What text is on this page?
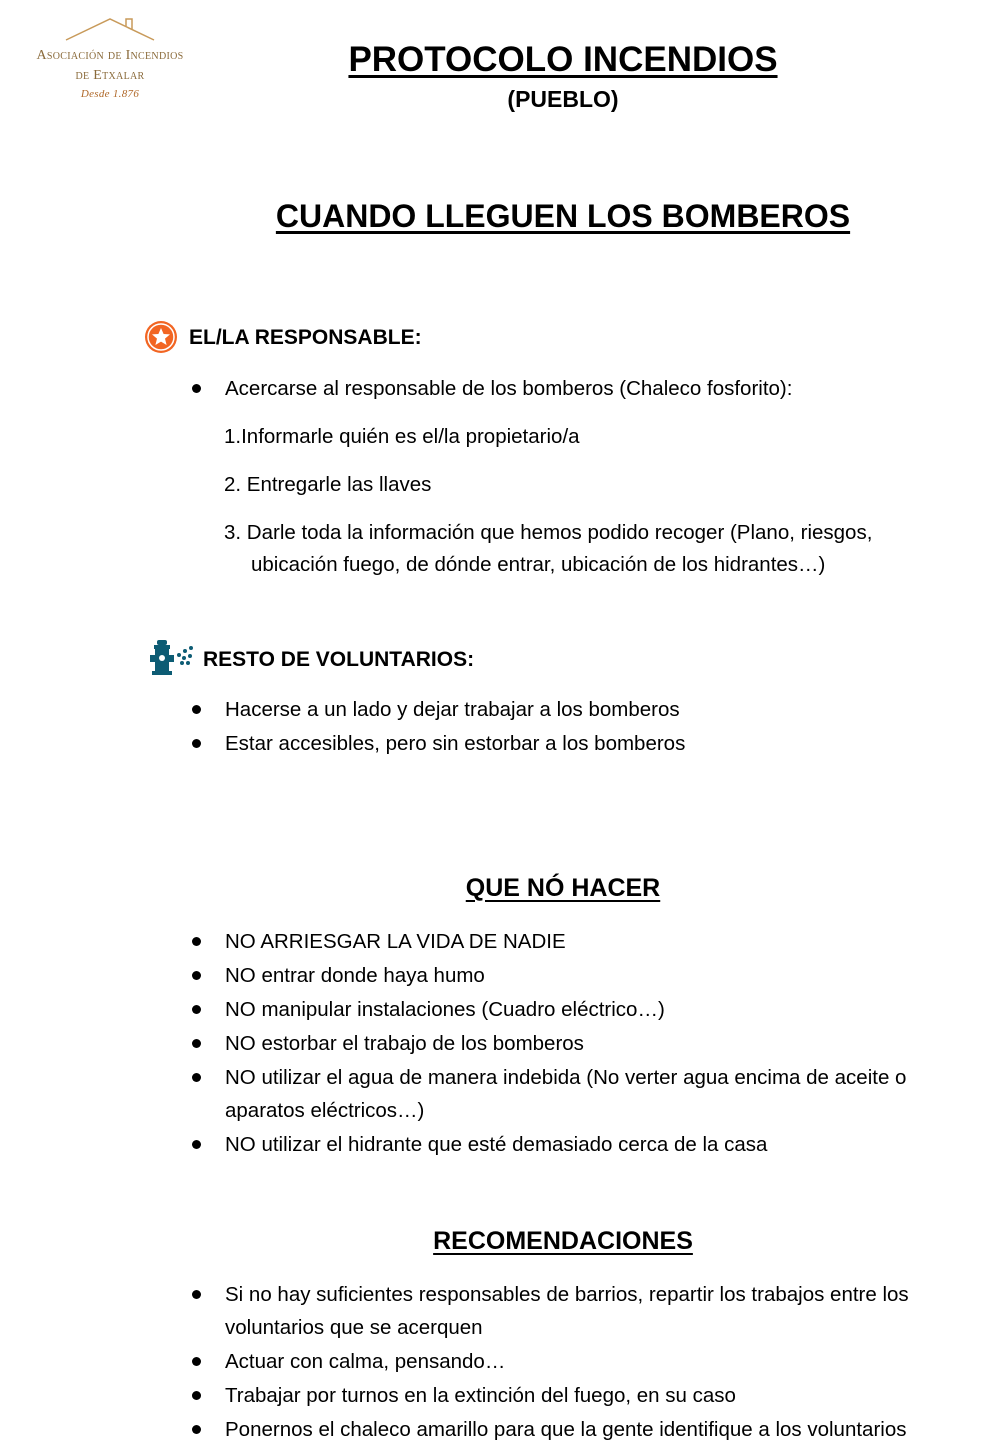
Asociación de Incendios
de Etxalar
Desde 1.876
PROTOCOLO INCENDIOS
(PUEBLO)
CUANDO LLEGUEN LOS BOMBEROS
EL/LA RESPONSABLE:
Acercarse al responsable de los bomberos (Chaleco fosforito):
1.Informarle quién es el/la propietario/a
2. Entregarle las llaves
3. Darle toda la información que hemos podido recoger (Plano, riesgos,
ubicación fuego, de dónde entrar, ubicación de los hidrantes…)
RESTO DE VOLUNTARIOS:
Hacerse a un lado y dejar trabajar a los bomberos
Estar accesibles, pero sin estorbar a los bomberos
QUE NÓ HACER
NO ARRIESGAR LA VIDA DE NADIE
NO entrar donde haya humo
NO manipular instalaciones (Cuadro eléctrico…)
NO estorbar el trabajo de los bomberos
NO utilizar el agua de manera indebida (No verter agua encima de aceite o aparatos eléctricos…)
NO utilizar el hidrante que esté demasiado cerca de la casa
RECOMENDACIONES
Si no hay suficientes responsables de barrios, repartir los trabajos entre los voluntarios que se acerquen
Actuar con calma, pensando…
Trabajar por turnos en la extinción del fuego, en su caso
Ponernos el chaleco amarillo para que la gente identifique a los voluntarios
